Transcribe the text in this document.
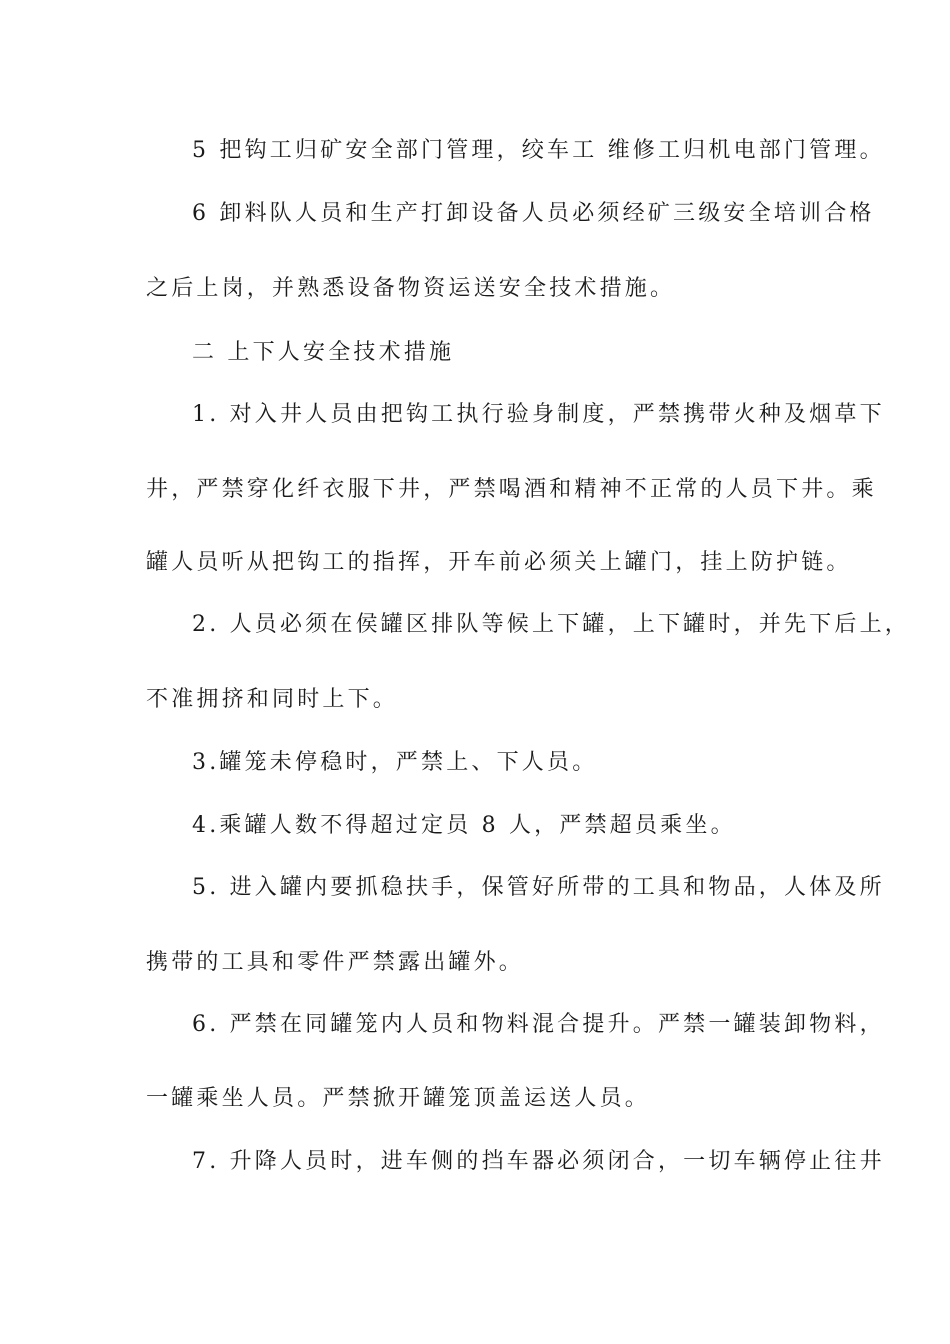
5 把钩工归矿安全部门管理，绞车工 维修工归机电部门管理。
6 卸料队人员和生产打卸设备人员必须经矿三级安全培训合格
之后上岗，并熟悉设备物资运送安全技术措施。
二 上下人安全技术措施
1. 对入井人员由把钩工执行验身制度，严禁携带火种及烟草下
井，严禁穿化纤衣服下井，严禁喝酒和精神不正常的人员下井。乘
罐人员听从把钩工的指挥，开车前必须关上罐门，挂上防护链。
2. 人员必须在侯罐区排队等候上下罐，上下罐时，并先下后上，
不准拥挤和同时上下。
3.罐笼未停稳时，严禁上、下人员。
4.乘罐人数不得超过定员 8 人，严禁超员乘坐。
5. 进入罐内要抓稳扶手，保管好所带的工具和物品，人体及所
携带的工具和零件严禁露出罐外。
6. 严禁在同罐笼内人员和物料混合提升。严禁一罐装卸物料，
一罐乘坐人员。严禁掀开罐笼顶盖运送人员。
7. 升降人员时，进车侧的挡车器必须闭合，一切车辆停止往井
